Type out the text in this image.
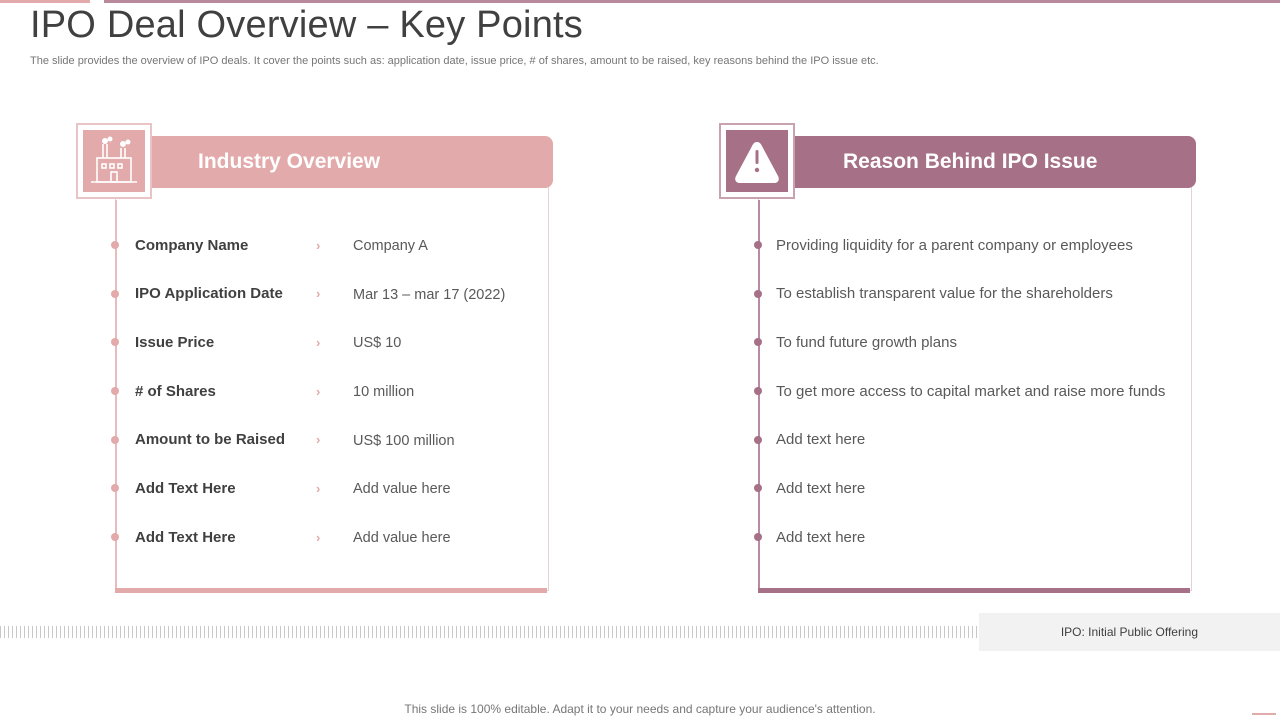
IPO Deal Overview – Key Points

The slide provides the overview of IPO deals. It cover the points such as: application date, issue price, # of shares, amount to be raised, key reasons behind the IPO issue etc.

Industry Overview
Company Name	› Company A
IPO Application Date	› Mar 13 – mar 17 (2022)
Issue Price	› US$ 10
# of Shares	› 10 million
Amount to be Raised › US$ 100 million
Add Text Here	› Add value here
Add Text Here	› Add value here
Reason Behind IPO Issue
Providing liquidity for a parent company or employees
To establish transparent value for the shareholders
To fund future growth plans
To get more access to capital market and raise more funds
Add text here
Add text here
Add text here
IPO: Initial Public Offering
This slide is 100% editable. Adapt it to your needs and capture your audience's attention.
